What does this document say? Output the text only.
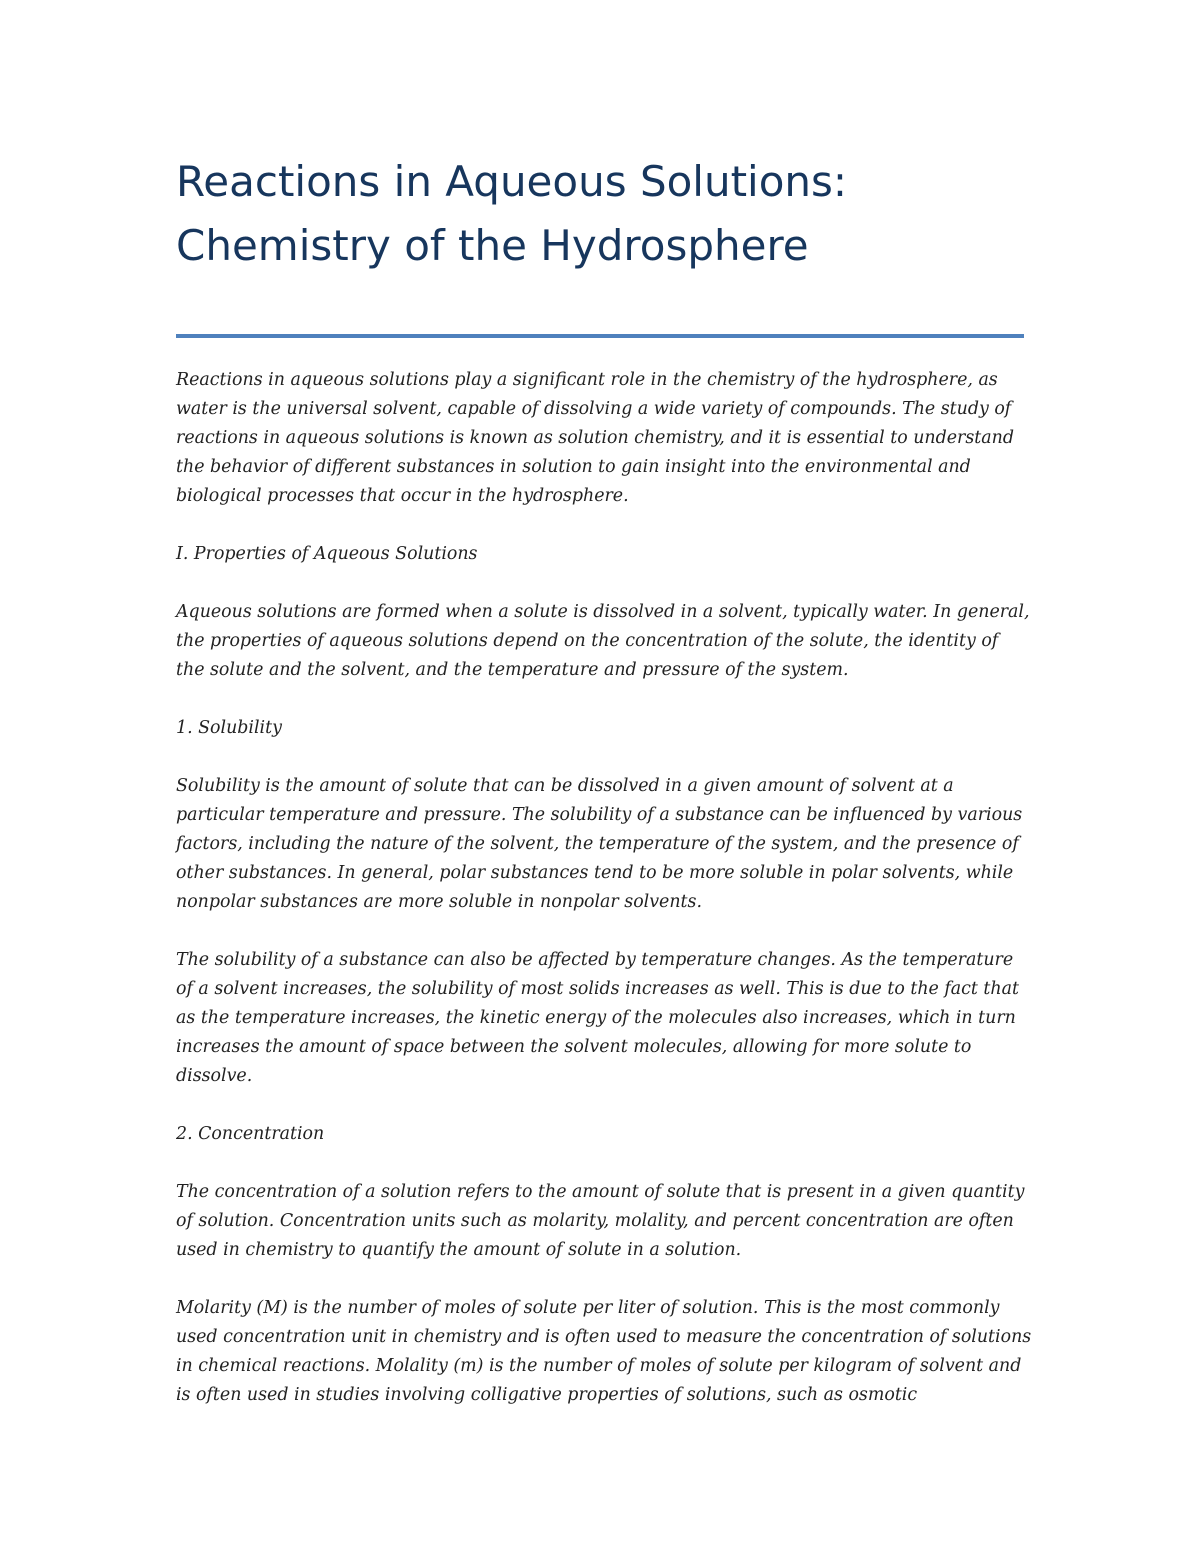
Reactions in Aqueous Solutions:
Chemistry of the Hydrosphere

Reactions in aqueous solutions play a significant role in the chemistry of the hydrosphere, as water is the universal solvent, capable of dissolving a wide variety of compounds. The study of reactions in aqueous solutions is known as solution chemistry, and it is essential to understand the behavior of different substances in solution to gain insight into the environmental and biological processes that occur in the hydrosphere.

I. Properties of Aqueous Solutions

Aqueous solutions are formed when a solute is dissolved in a solvent, typically water. In general, the properties of aqueous solutions depend on the concentration of the solute, the identity of the solute and the solvent, and the temperature and pressure of the system.

1. Solubility

Solubility is the amount of solute that can be dissolved in a given amount of solvent at a particular temperature and pressure. The solubility of a substance can be influenced by various factors, including the nature of the solvent, the temperature of the system, and the presence of other substances. In general, polar substances tend to be more soluble in polar solvents, while nonpolar substances are more soluble in nonpolar solvents.

The solubility of a substance can also be affected by temperature changes. As the temperature of a solvent increases, the solubility of most solids increases as well. This is due to the fact that as the temperature increases, the kinetic energy of the molecules also increases, which in turn increases the amount of space between the solvent molecules, allowing for more solute to dissolve.

2. Concentration

The concentration of a solution refers to the amount of solute that is present in a given quantity of solution. Concentration units such as molarity, molality, and percent concentration are often used in chemistry to quantify the amount of solute in a solution.

Molarity (M) is the number of moles of solute per liter of solution. This is the most commonly used concentration unit in chemistry and is often used to measure the concentration of solutions in chemical reactions. Molality (m) is the number of moles of solute per kilogram of solvent and is often used in studies involving colligative properties of solutions, such as osmotic
